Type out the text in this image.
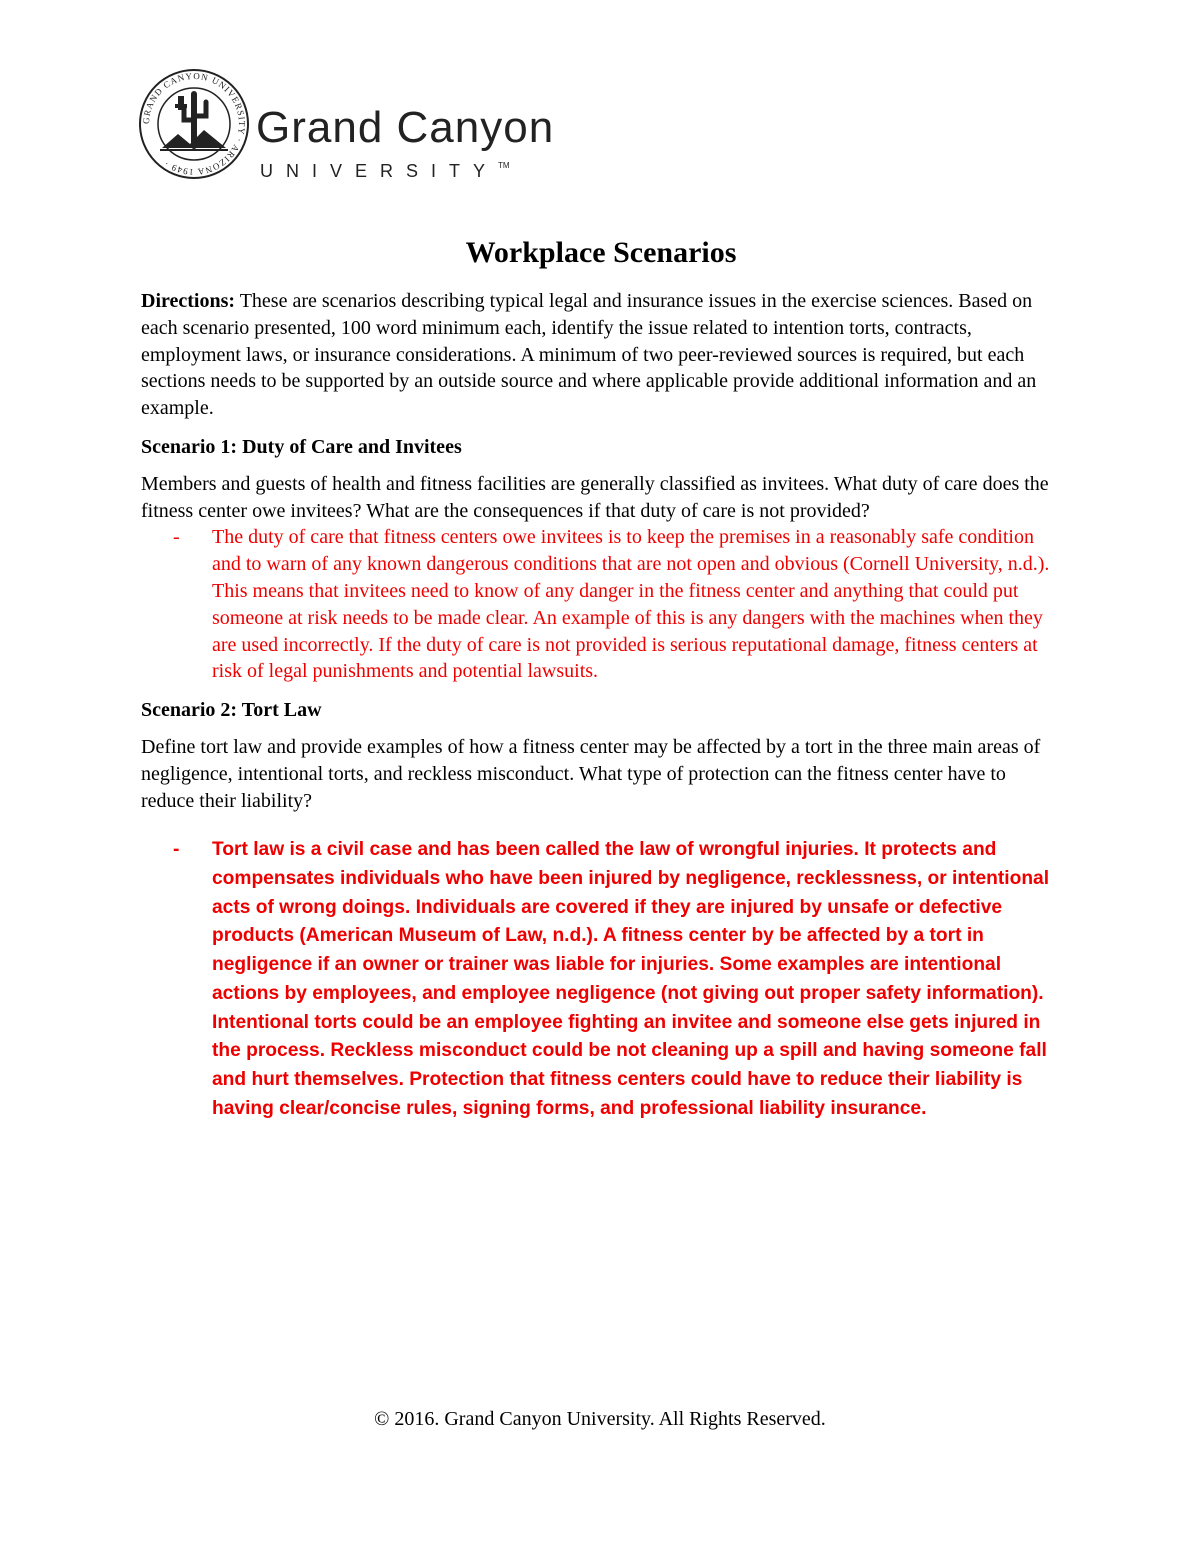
GRAND CANYON UNIVERSITY · ARIZONA 1949 ·
Grand Canyon
UNIVERSITY™
Workplace Scenarios

Directions: These are scenarios describing typical legal and insurance issues in the exercise sciences. Based on each scenario presented, 100 word minimum each, identify the issue related to intention torts, contracts, employment laws, or insurance considerations. A minimum of two peer-reviewed sources is required, but each sections needs to be supported by an outside source and where applicable provide additional information and an example.

Scenario 1: Duty of Care and Invitees

Members and guests of health and fitness facilities are generally classified as invitees. What duty of care does the fitness center owe invitees? What are the consequences if that duty of care is not provided?

- The duty of care that fitness centers owe invitees is to keep the premises in a reasonably safe condition and to warn of any known dangerous conditions that are not open and obvious (Cornell University, n.d.). This means that invitees need to know of any danger in the fitness center and anything that could put someone at risk needs to be made clear. An example of this is any dangers with the machines when they are used incorrectly. If the duty of care is not provided is serious reputational damage, fitness centers at risk of legal punishments and potential lawsuits.

Scenario 2: Tort Law

Define tort law and provide examples of how a fitness center may be affected by a tort in the three main areas of negligence, intentional torts, and reckless misconduct. What type of protection can the fitness center have to reduce their liability?

- Tort law is a civil case and has been called the law of wrongful injuries. It protects and compensates individuals who have been injured by negligence, recklessness, or intentional acts of wrong doings. Individuals are covered if they are injured by unsafe or defective products (American Museum of Law, n.d.). A fitness center by be affected by a tort in negligence if an owner or trainer was liable for injuries. Some examples are intentional actions by employees, and employee negligence (not giving out proper safety information). Intentional torts could be an employee fighting an invitee and someone else gets injured in the process. Reckless misconduct could be not cleaning up a spill and having someone fall and hurt themselves. Protection that fitness centers could have to reduce their liability is having clear/concise rules, signing forms, and professional liability insurance.
© 2016. Grand Canyon University. All Rights Reserved.
